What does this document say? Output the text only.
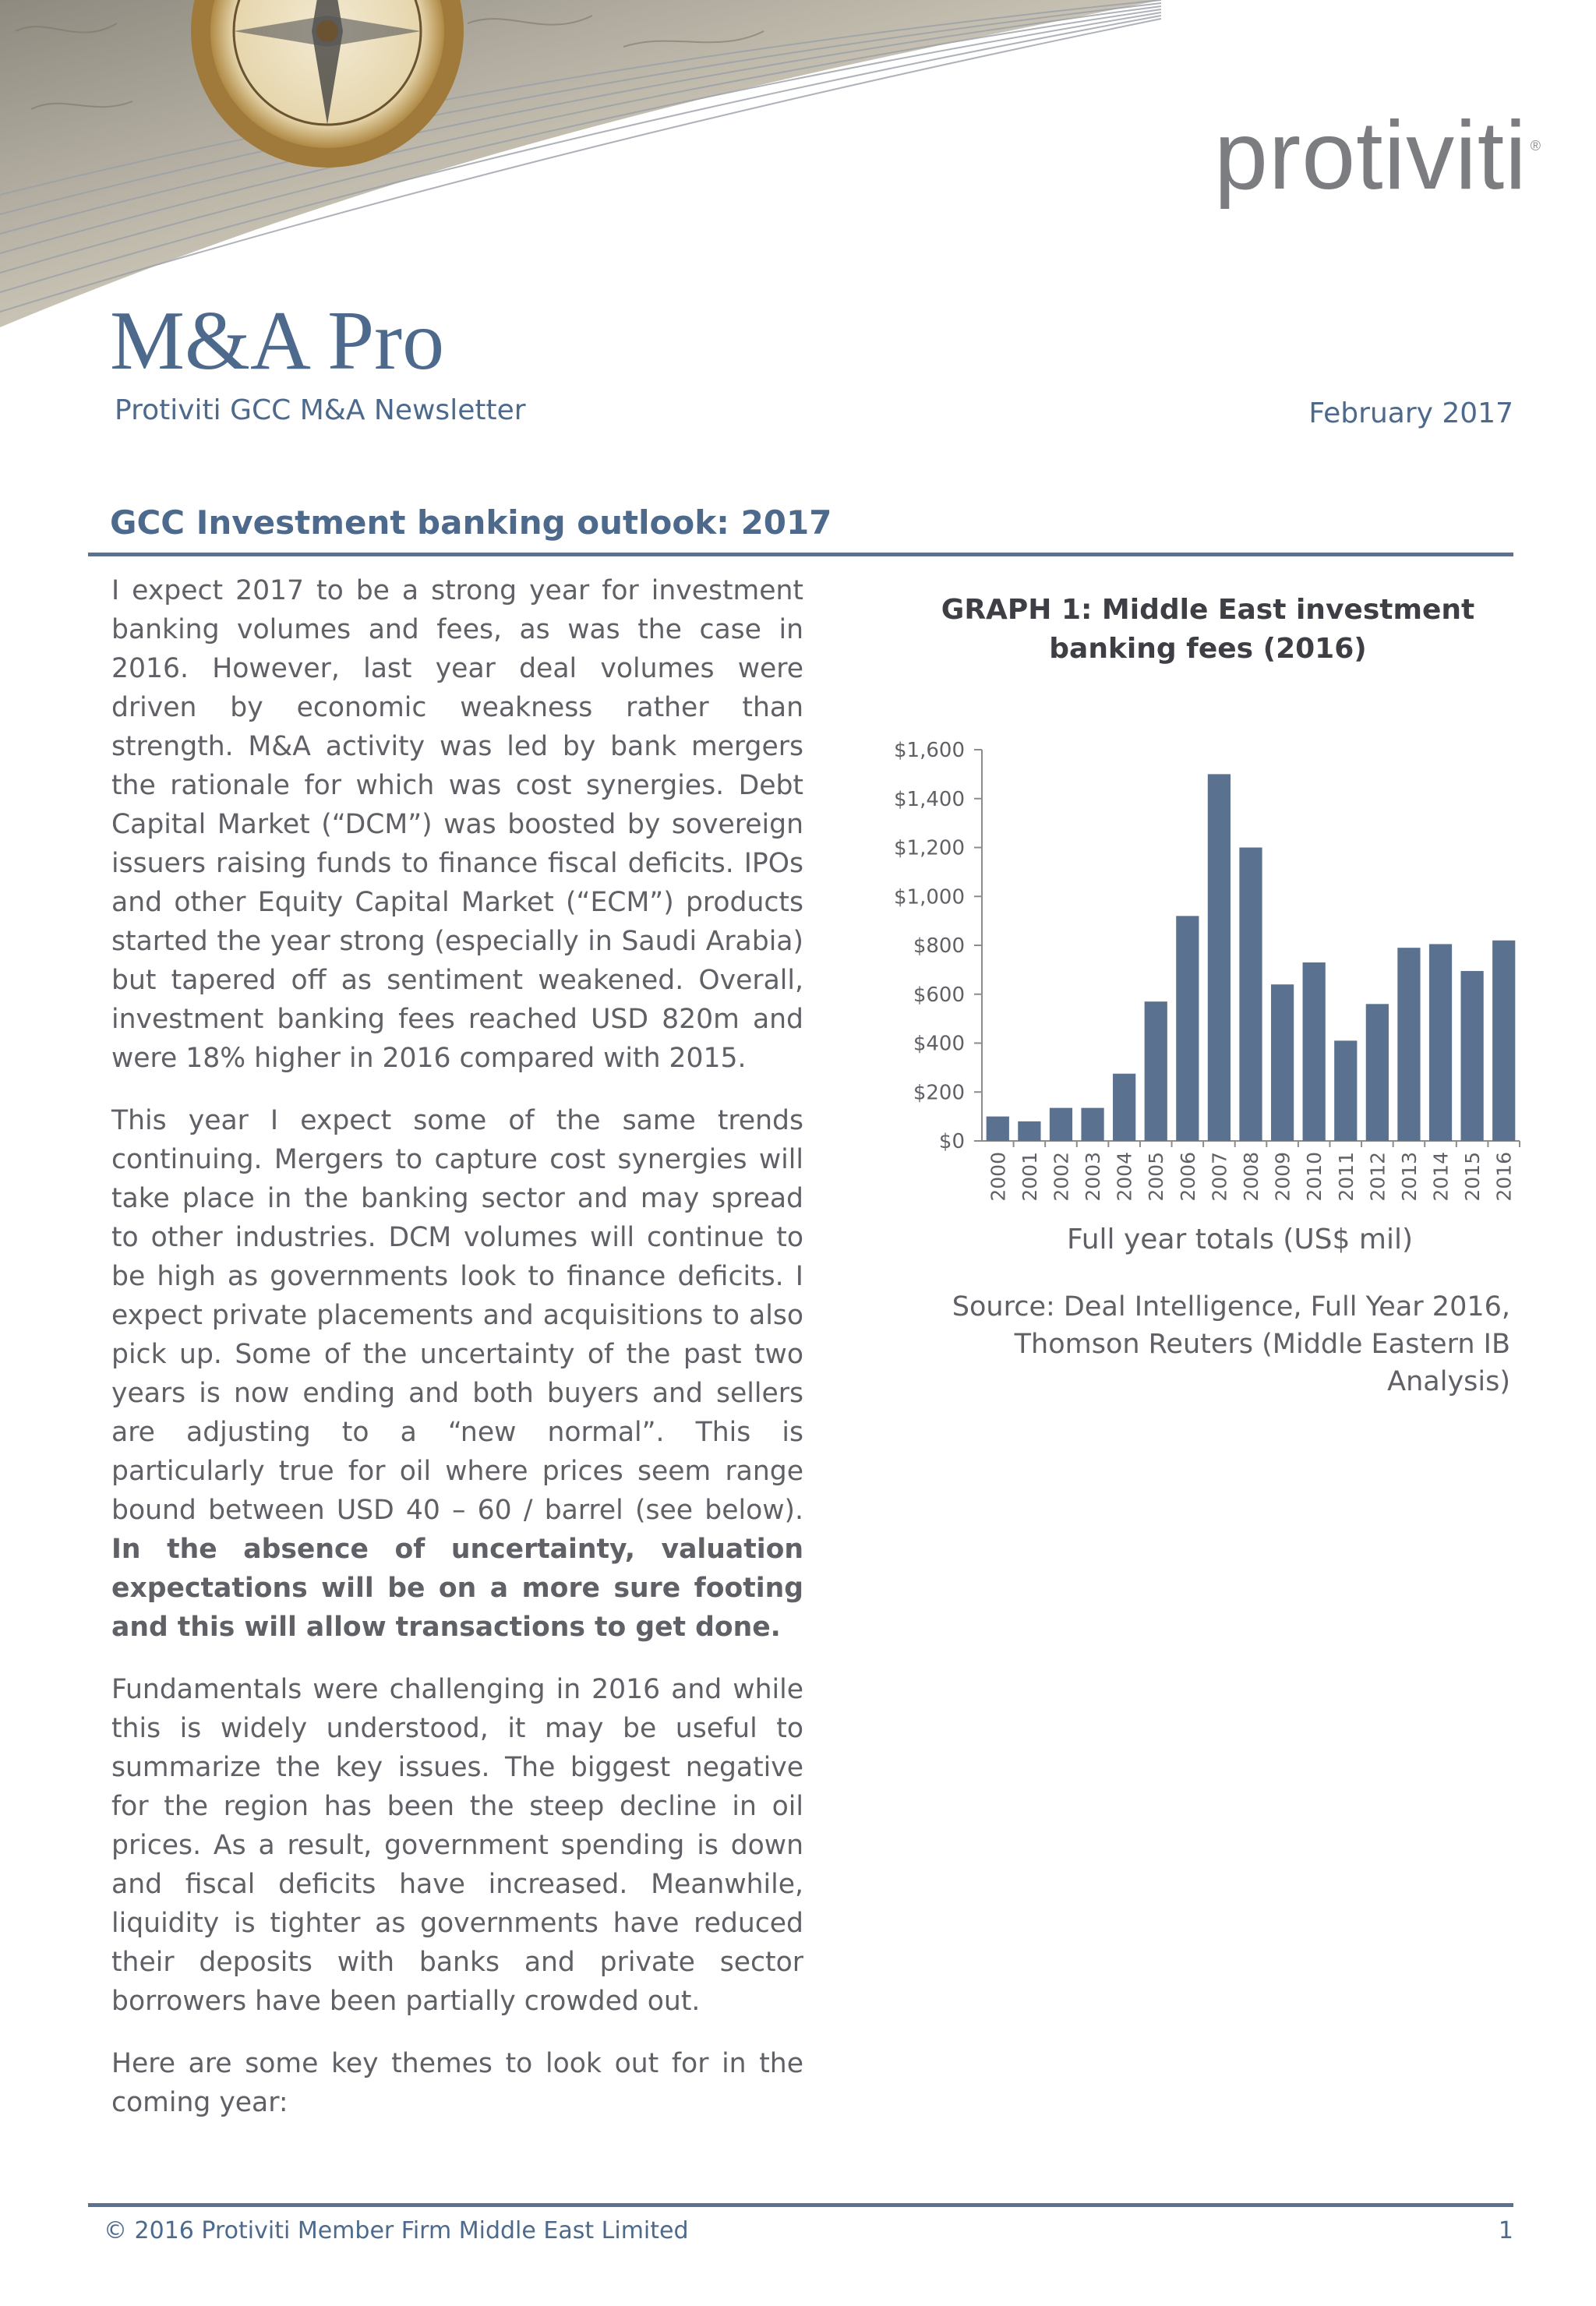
protiviti ®
M&A Pro
Protiviti GCC M&A Newsletter	February 2017
GCC Investment banking outlook: 2017

I expect 2017 to be a strong year for investment banking volumes and fees, as was the case in 2016. However, last year deal volumes were driven by economic weakness rather than strength. M&A activity was led by bank mergers the rationale for which was cost synergies. Debt Capital Market (“DCM”) was boosted by sovereign issuers raising funds to finance fiscal deficits. IPOs and other Equity Capital Market (“ECM”) products started the year strong (especially in Saudi Arabia) but tapered off as sentiment weakened. Overall, investment banking fees reached USD 820m and were 18% higher in 2016 compared with 2015.

This year I expect some of the same trends continuing. Mergers to capture cost synergies will take place in the banking sector and may spread to other industries. DCM volumes will continue to be high as governments look to finance deficits. I expect private placements and acquisitions to also pick up. Some of the uncertainty of the past two years is now ending and both buyers and sellers are adjusting to a “new normal”. This is particularly true for oil where prices seem range bound between USD 40 – 60 / barrel (see below). In the absence of uncertainty, valuation expectations will be on a more sure footing and this will allow transactions to get done.

Fundamentals were challenging in 2016 and while this is widely understood, it may be useful to summarize the key issues. The biggest negative for the region has been the steep decline in oil prices. As a result, government spending is down and fiscal deficits have increased. Meanwhile, liquidity is tighter as governments have reduced their deposits with banks and private sector borrowers have been partially crowded out.

Here are some key themes to look out for in the coming year:

GRAPH 1: Middle East investment banking fees (2016)
$0
$200
$400
$600
$800
$1,000
$1,200
$1,400
$1,600
2000 2001 2002 2003 2004 2005 2006 2007 2008 2009 2010 2011 2012 2013 2014 2015 2016
Full year totals (US$ mil)
Source: Deal Intelligence, Full Year 2016, Thomson Reuters (Middle Eastern IB Analysis)
© 2016 Protiviti Member Firm Middle East Limited	1
